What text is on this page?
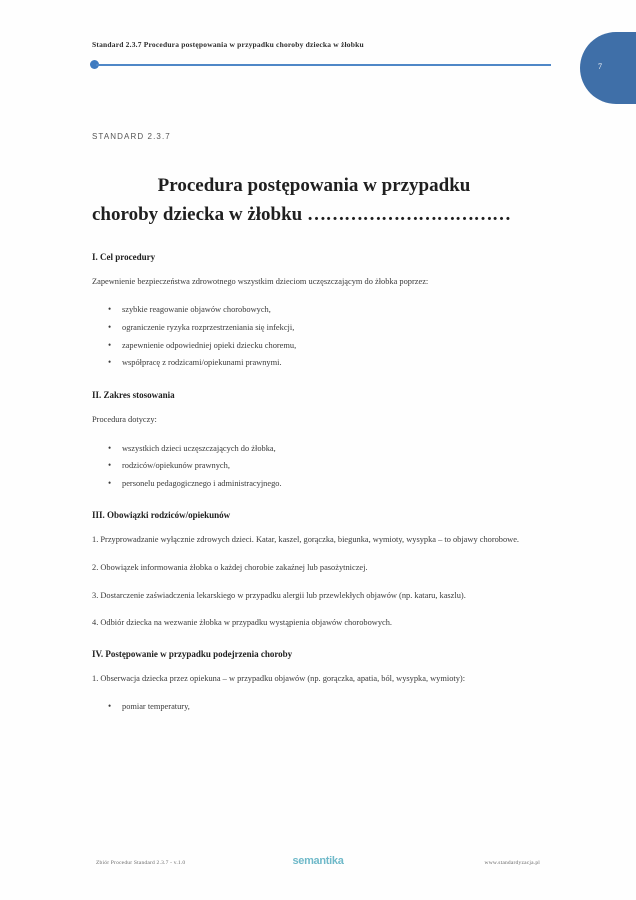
Standard 2.3.7 Procedura postępowania w przypadku choroby dziecka w żłobku
7
STANDARD 2.3.7
Procedura postępowania w przypadku
choroby dziecka w żłobku ……………………………
I. Cel procedury

Zapewnienie bezpieczeństwa zdrowotnego wszystkim dzieciom uczęszczającym do żłobka poprzez:

• szybkie reagowanie objawów chorobowych,
• ograniczenie ryzyka rozprzestrzeniania się infekcji,
• zapewnienie odpowiedniej opieki dziecku choremu,
• współpracę z rodzicami/opiekunami prawnymi.
II. Zakres stosowania

Procedura dotyczy:

• wszystkich dzieci uczęszczających do żłobka,
• rodziców/opiekunów prawnych,
• personelu pedagogicznego i administracyjnego.
III. Obowiązki rodziców/opiekunów

1. Przyprowadzanie wyłącznie zdrowych dzieci. Katar, kaszel, gorączka, biegunka, wymioty, wysypka – to objawy chorobowe.

2. Obowiązek informowania żłobka o każdej chorobie zakaźnej lub pasożytniczej.

3. Dostarczenie zaświadczenia lekarskiego w przypadku alergii lub przewlekłych objawów (np. kataru, kaszlu).

4. Odbiór dziecka na wezwanie żłobka w przypadku wystąpienia objawów chorobowych.

IV. Postępowanie w przypadku podejrzenia choroby

1. Obserwacja dziecka przez opiekuna – w przypadku objawów (np. gorączka, apatia, ból, wysypka, wymioty):

• pomiar temperatury,
Zbiór Procedur Standard 2.3.7 - v.1.0	semantika	www.standardyzacja.pl
